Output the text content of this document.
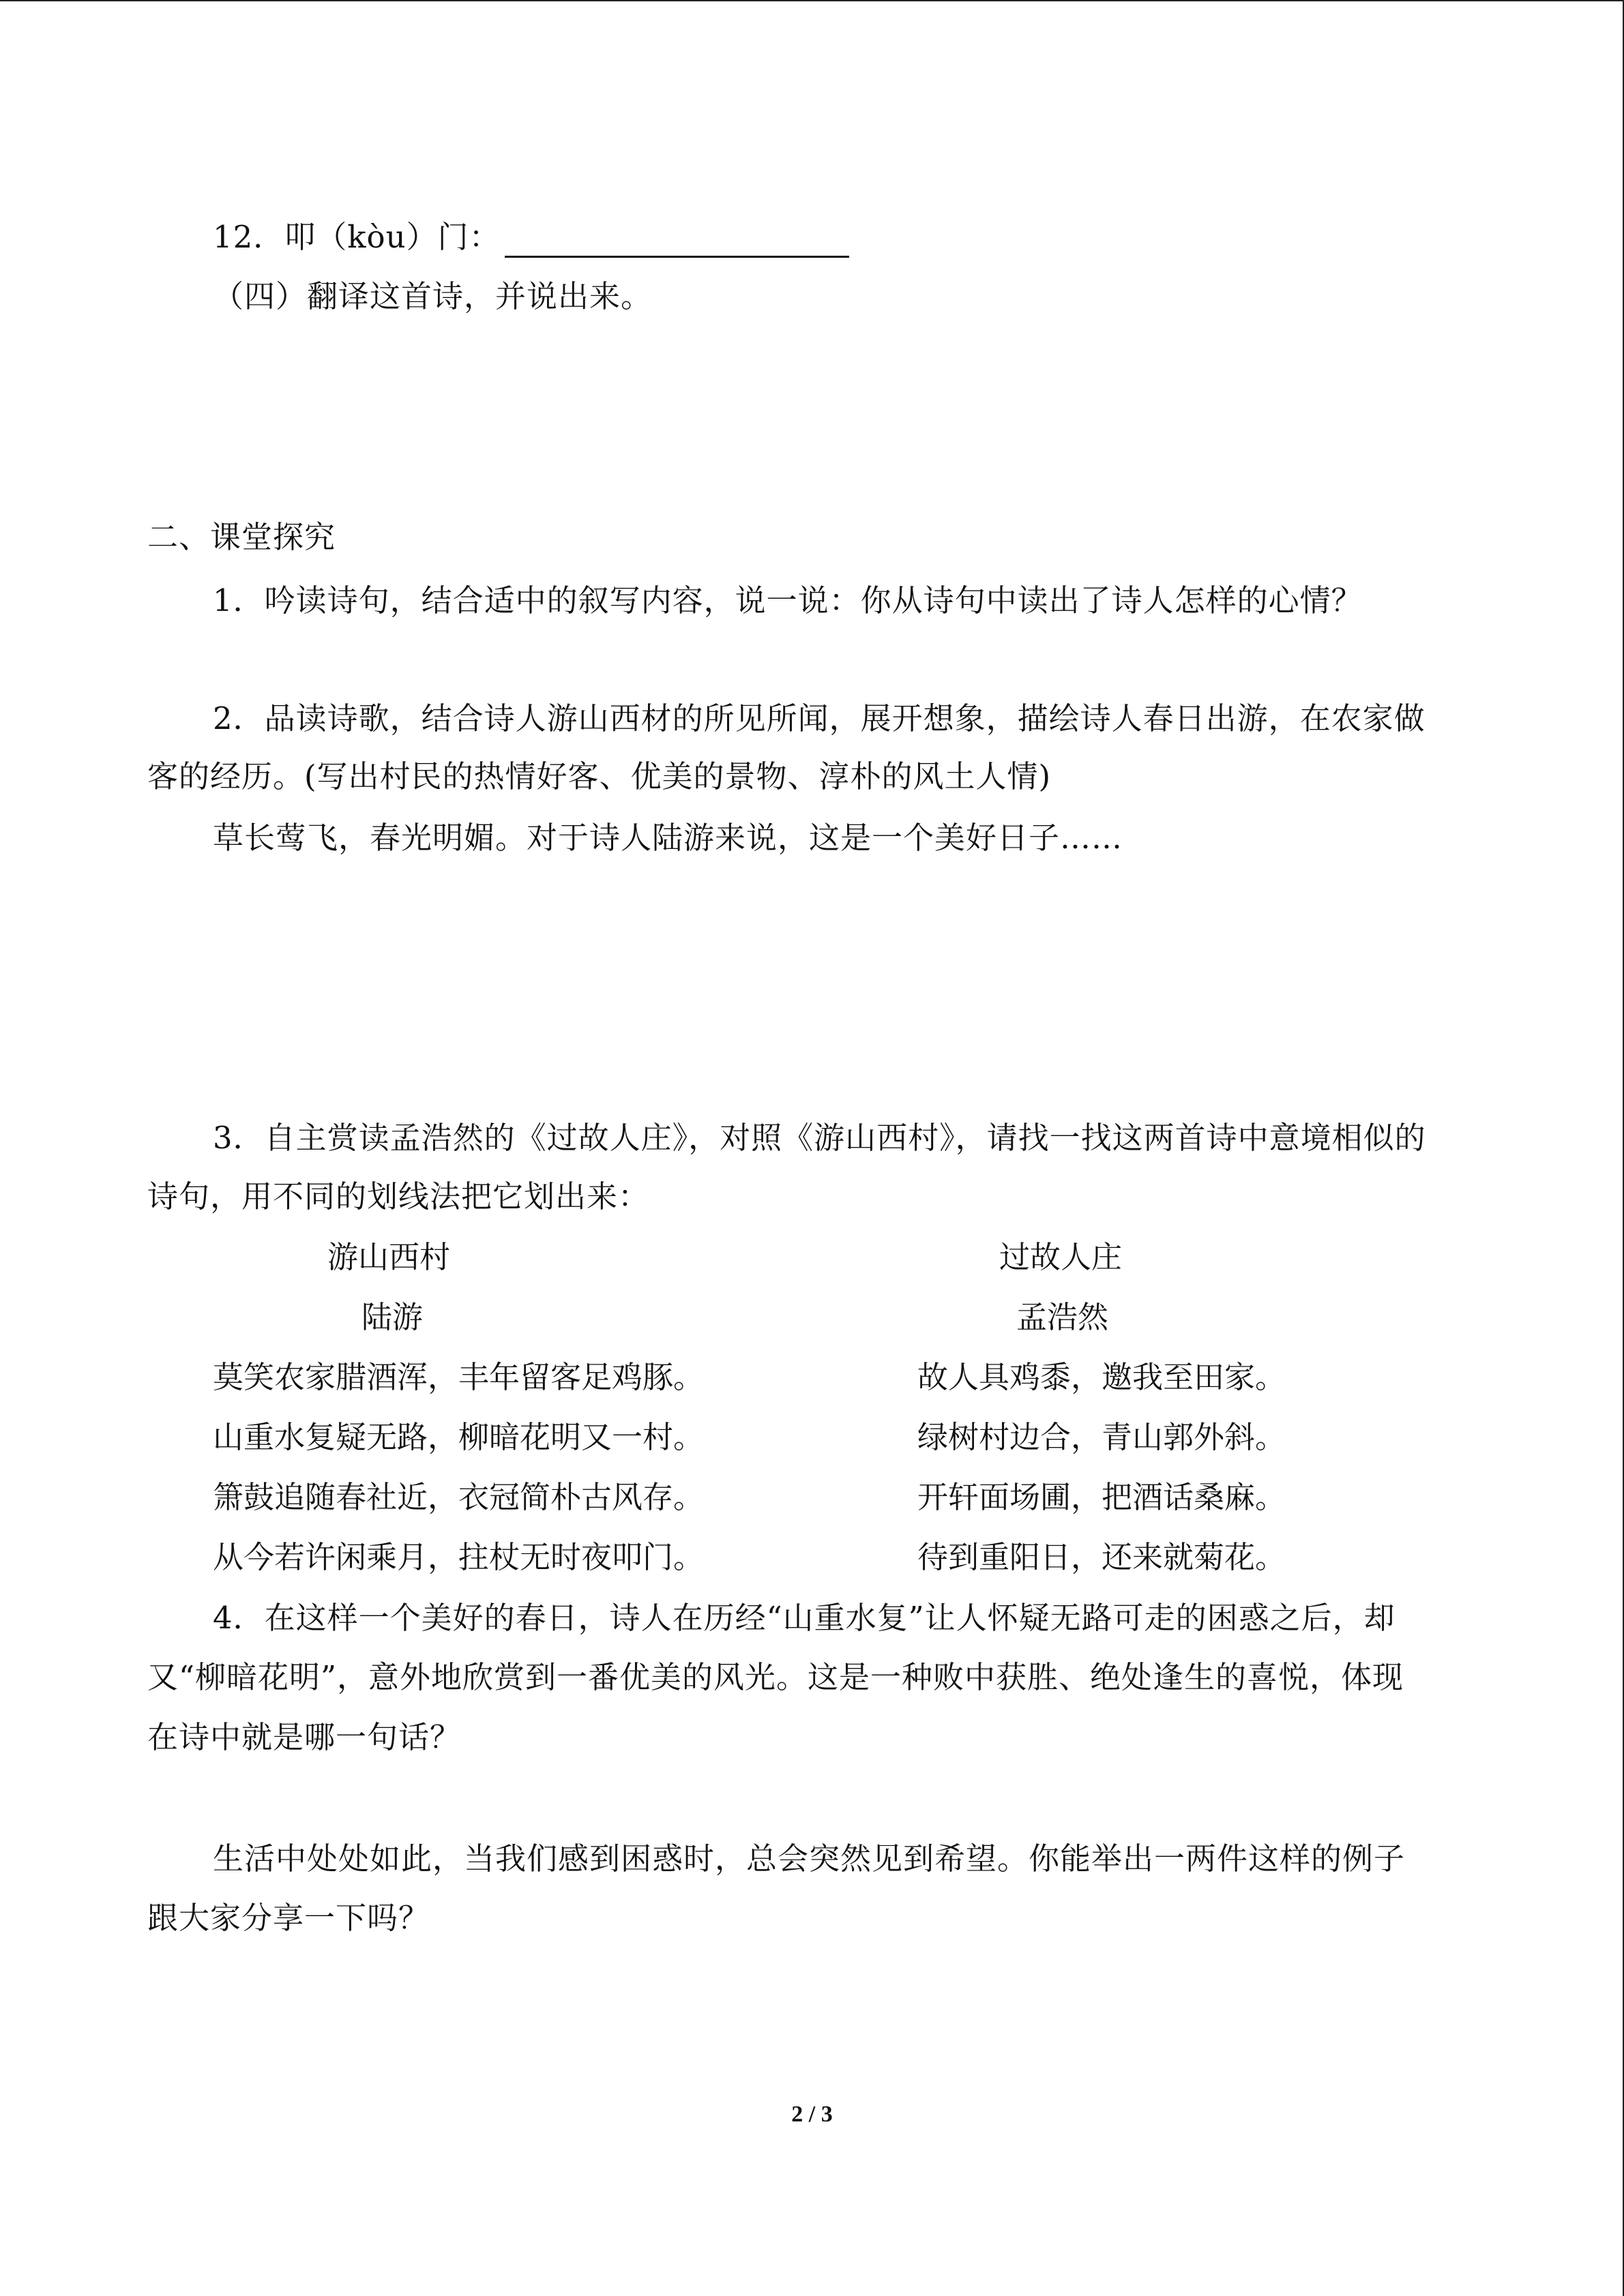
12．叩（kòu）门：
（四）翻译这首诗，并说出来。
二、课堂探究
1．吟读诗句，结合适中的叙写内容，说一说：你从诗句中读出了诗人怎样的心情？
2．品读诗歌，结合诗人游山西材的所见所闻，展开想象，描绘诗人春日出游，在农家做
客的经历。(写出村民的热情好客、优美的景物、淳朴的风土人情)
草长莺飞，春光明媚。对于诗人陆游来说，这是一个美好日子……
3．自主赏读孟浩然的《过故人庄》，对照《游山西村》，请找一找这两首诗中意境相似的
诗句，用不同的划线法把它划出来：
游山西村
陆游
莫笑农家腊酒浑，丰年留客足鸡豚。
山重水复疑无路，柳暗花明又一村。
箫鼓追随春社近，衣冠简朴古风存。
从今若许闲乘月，拄杖无时夜叩门。
过故人庄
孟浩然
故人具鸡黍，邀我至田家。
绿树村边合，青山郭外斜。
开轩面场圃，把酒话桑麻。
待到重阳日，还来就菊花。
4．在这样一个美好的春日，诗人在历经“山重水复”让人怀疑无路可走的困惑之后，却
又“柳暗花明”，意外地欣赏到一番优美的风光。这是一种败中获胜、绝处逢生的喜悦，体现
在诗中就是哪一句话？
生活中处处如此，当我们感到困惑时，总会突然见到希望。你能举出一两件这样的例子
跟大家分享一下吗？
2 / 3
